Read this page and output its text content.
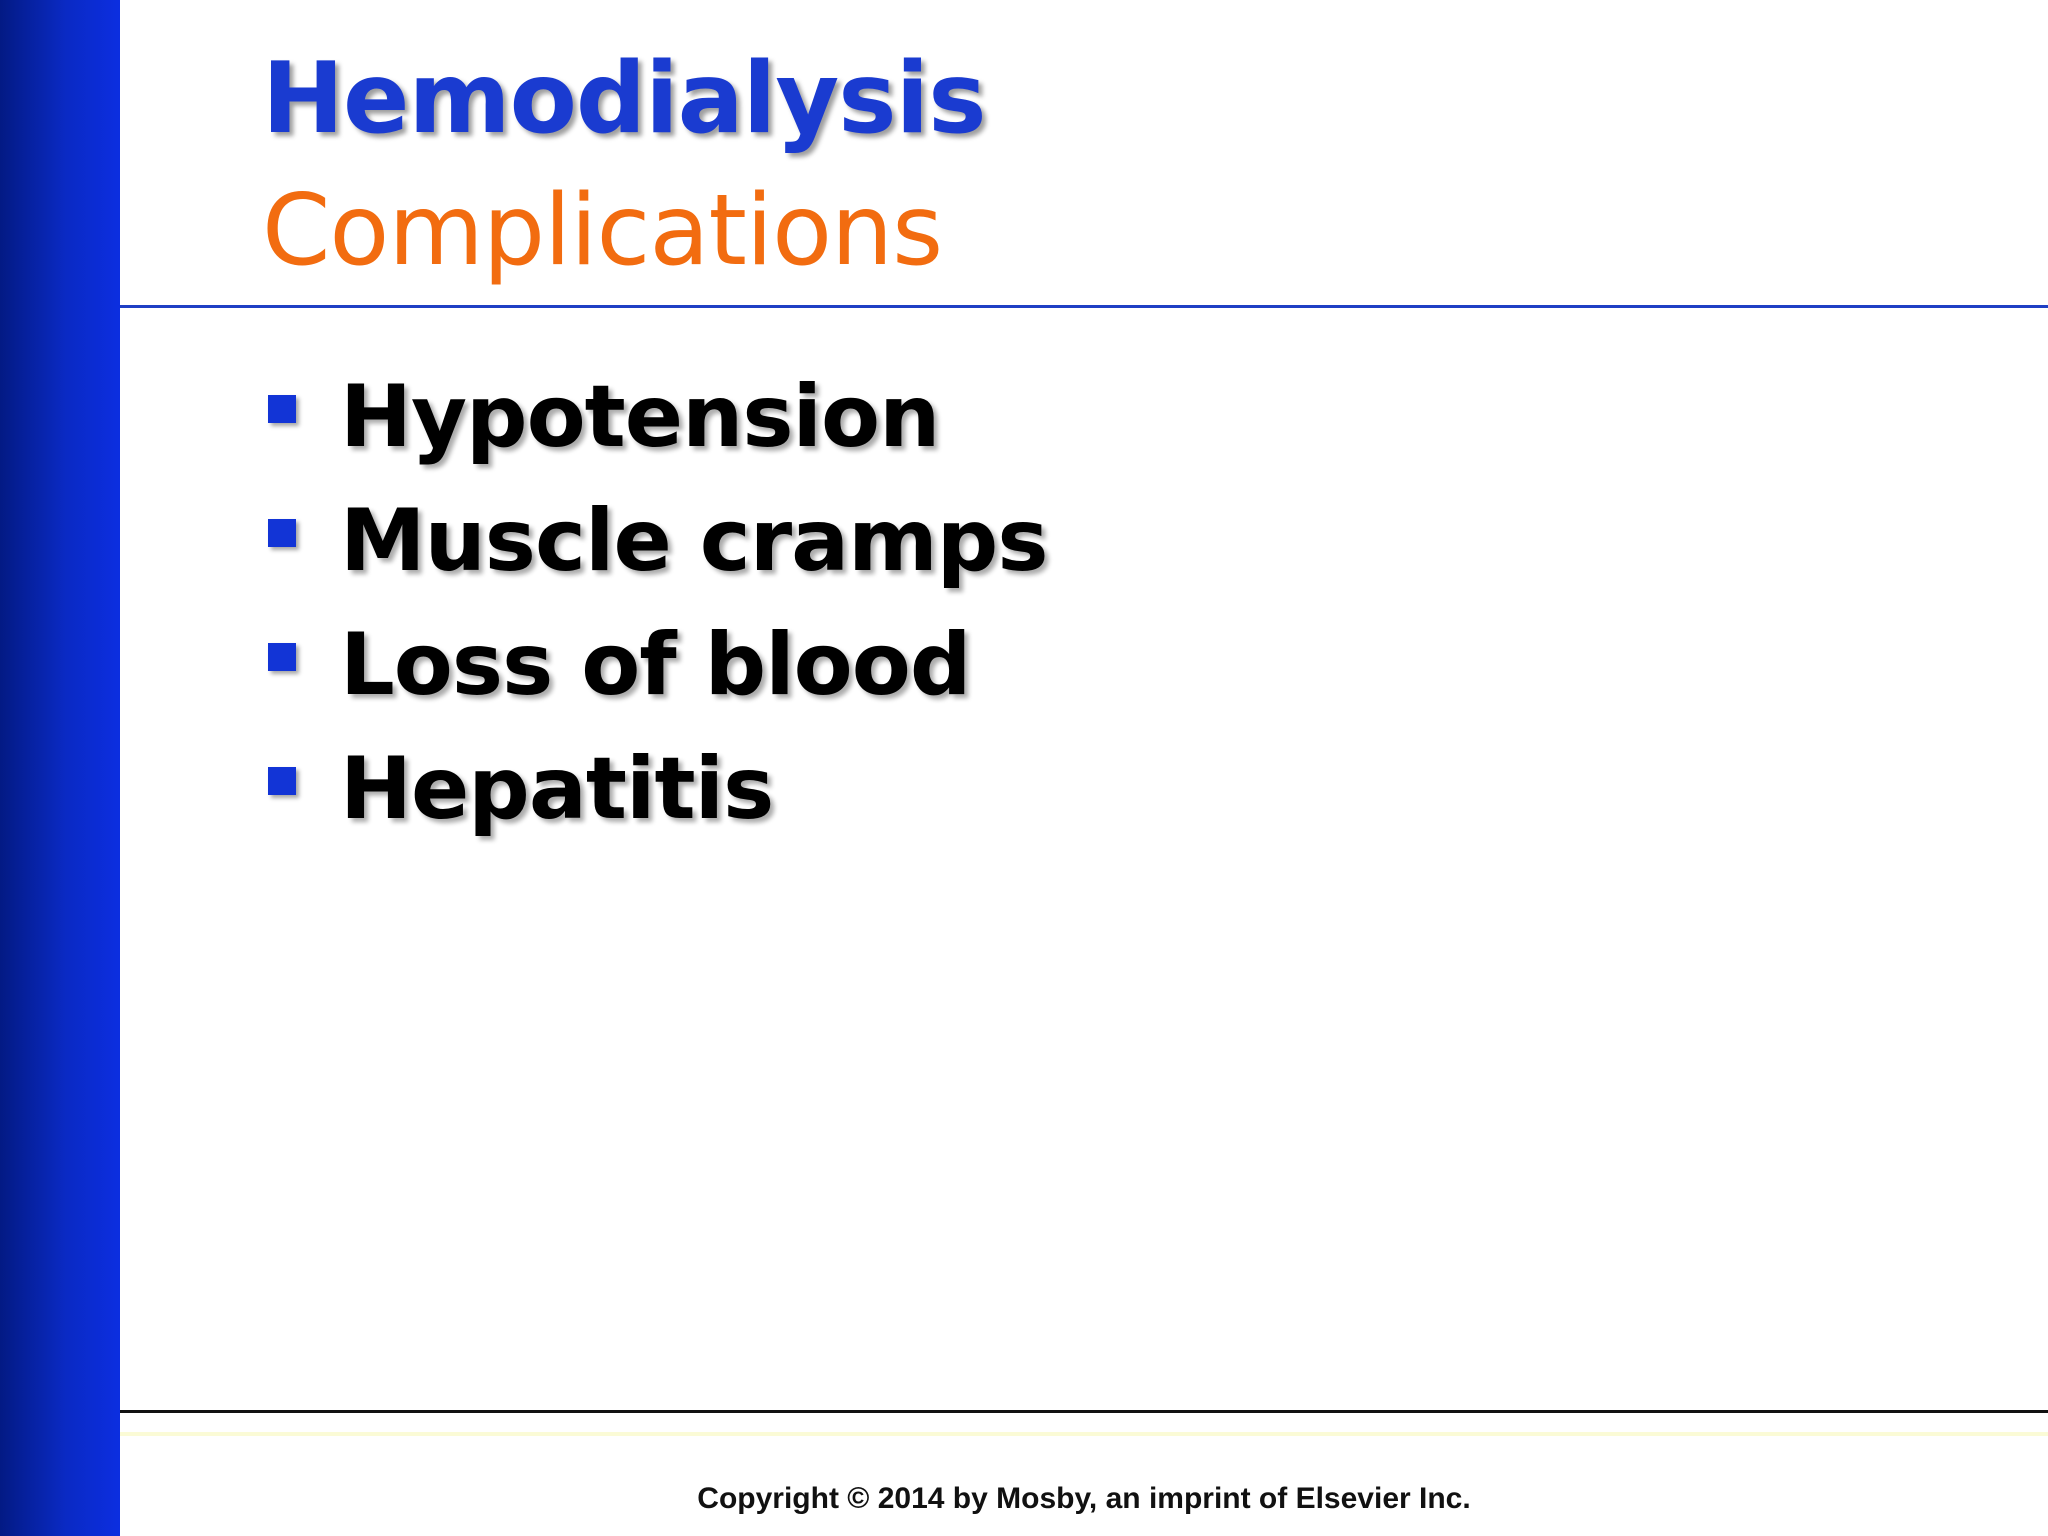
Hemodialysis
Complications
Hypotension
Muscle cramps
Loss of blood
Hepatitis

Copyright © 2014 by Mosby, an imprint of Elsevier Inc.
